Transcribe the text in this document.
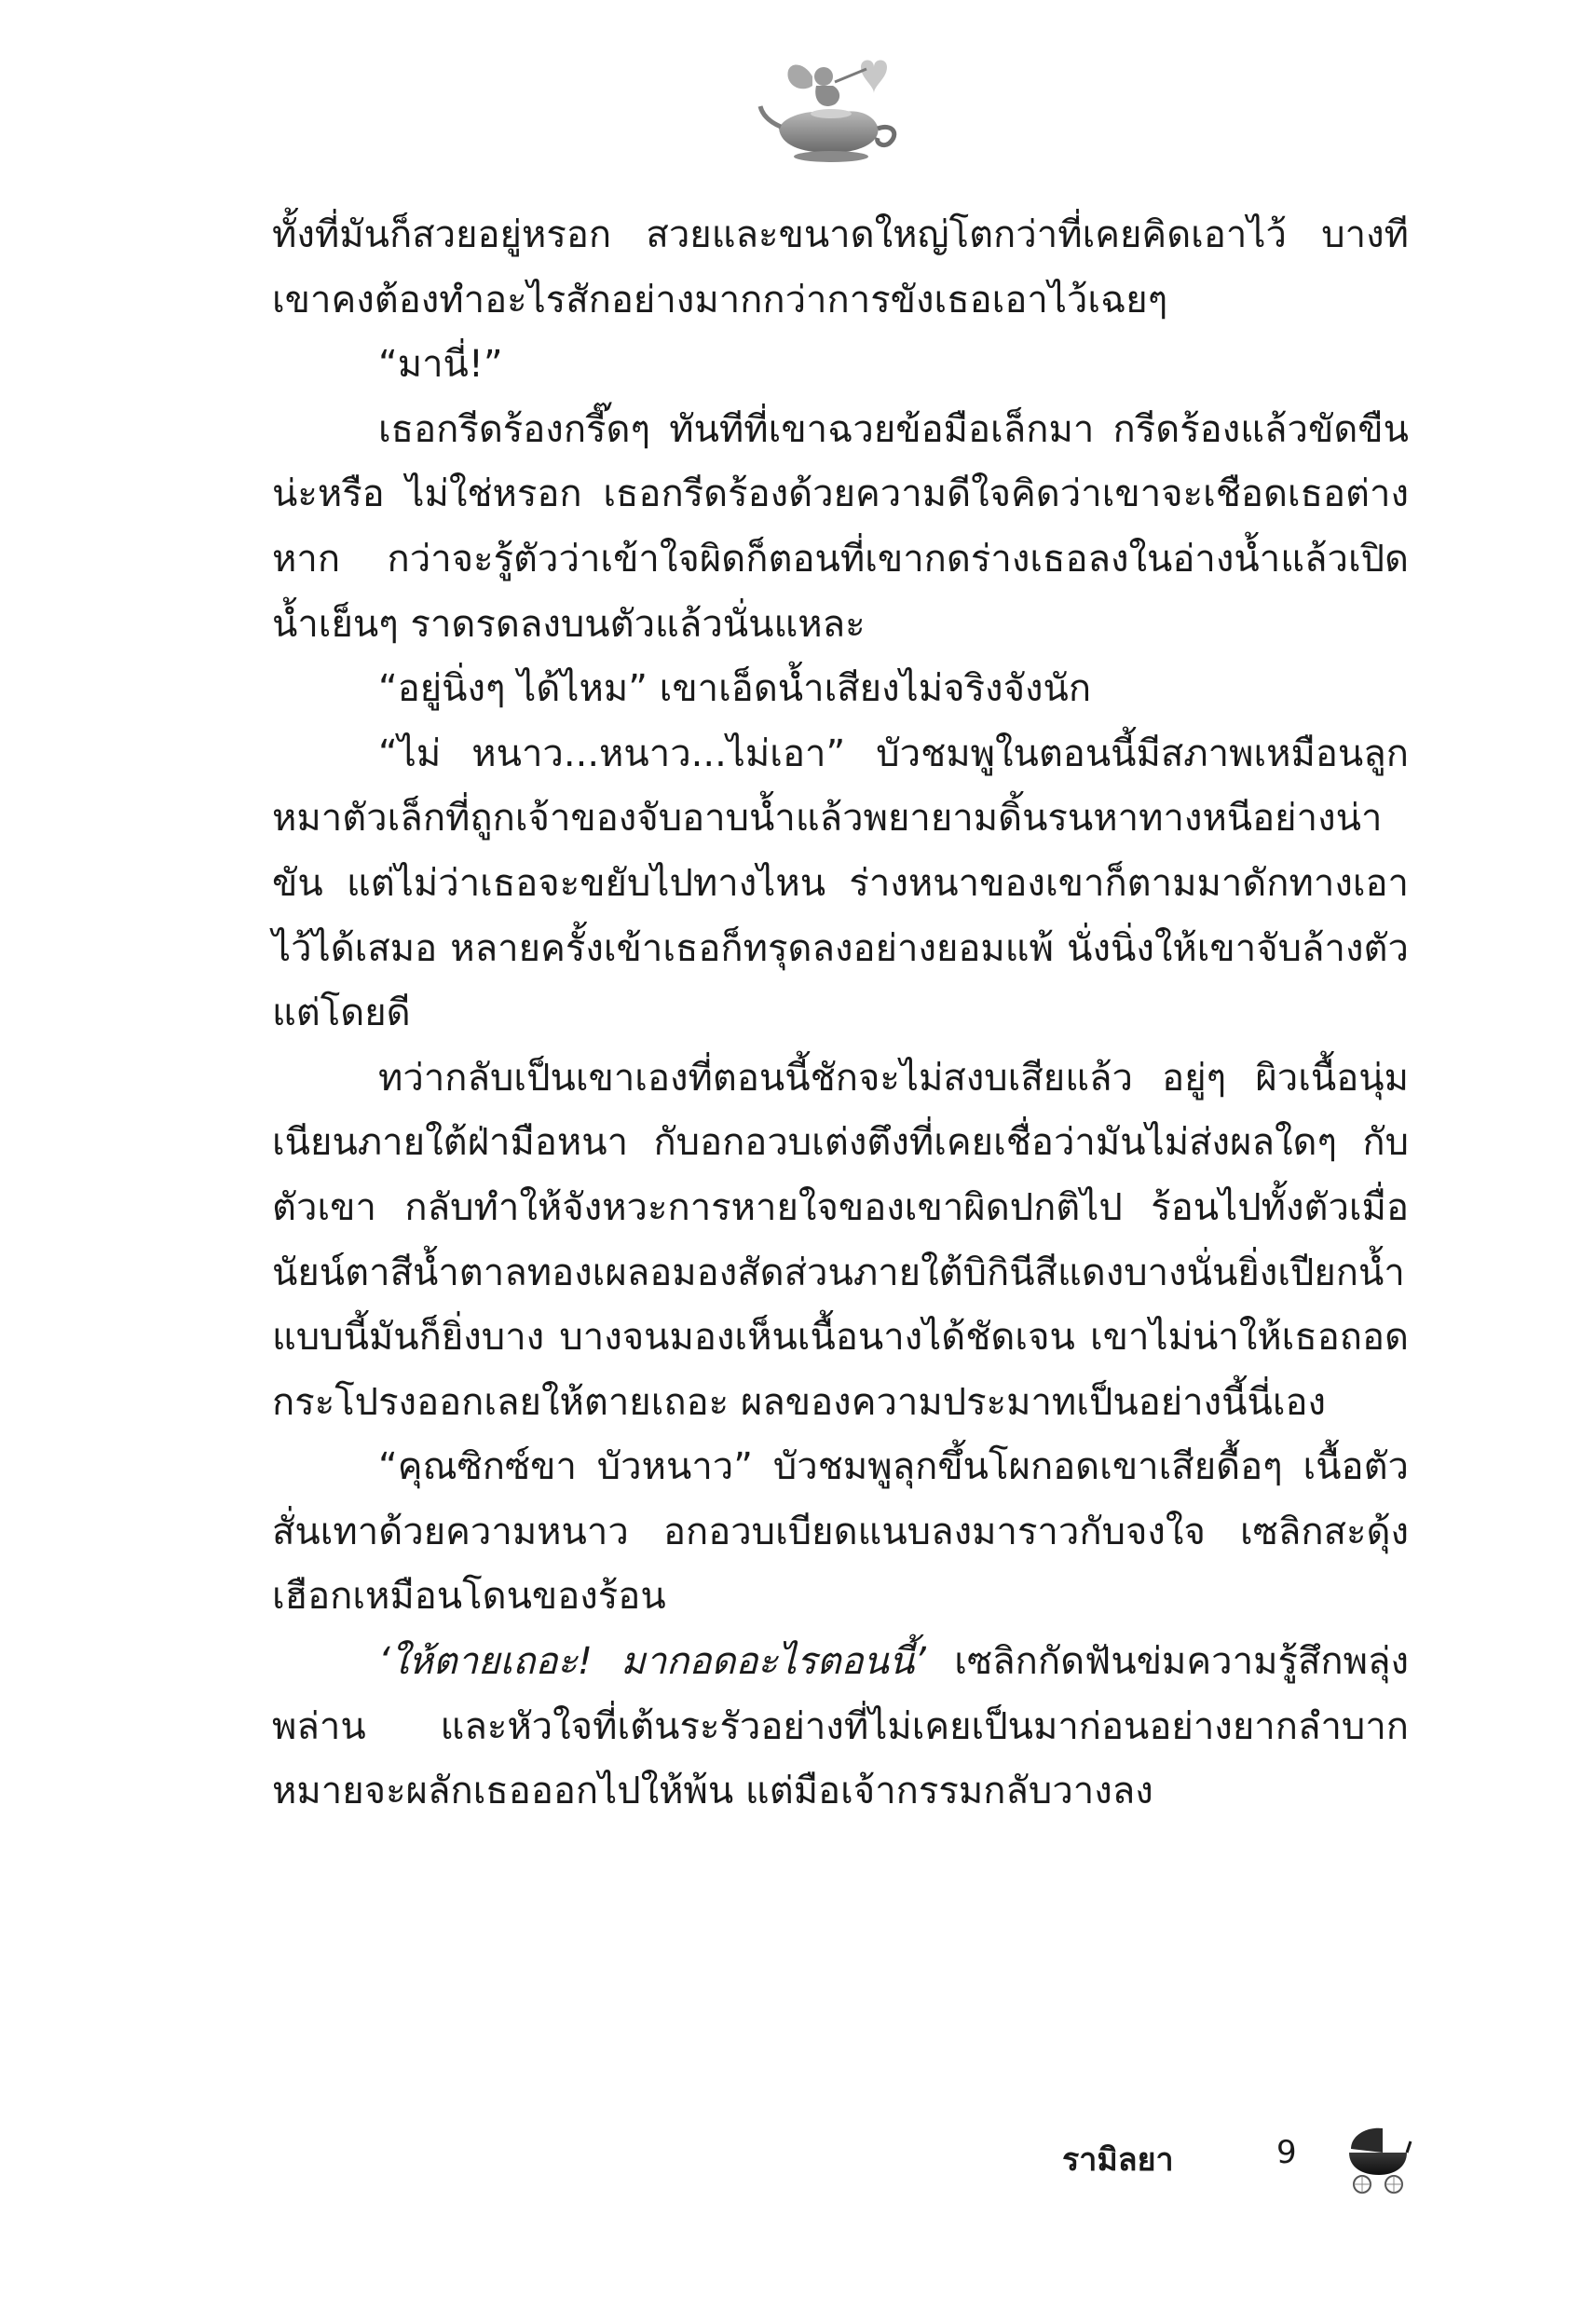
ทั้งที่มันก็สวยอยู่หรอก สวยและขนาดใหญ่โตกว่าที่เคยคิดเอาไว้ บางทีเขาคงต้องทำอะไรสักอย่างมากกว่าการขังเธอเอาไว้เฉยๆ

“มานี่!”

เธอกรีดร้องกรี๊ดๆ ทันทีที่เขาฉวยข้อมือเล็กมา กรีดร้องแล้วขัดขืนน่ะหรือ ไม่ใช่หรอก เธอกรีดร้องด้วยความดีใจคิดว่าเขาจะเชือดเธอต่างหาก กว่าจะรู้ตัวว่าเข้าใจผิดก็ตอนที่เขากดร่างเธอลงในอ่างน้ำแล้วเปิดน้ำเย็นๆ ราดรดลงบนตัวแล้วนั่นแหละ

“อยู่นิ่งๆ ได้ไหม” เขาเอ็ดน้ำเสียงไม่จริงจังนัก

“ไม่ หนาว...หนาว...ไม่เอา” บัวชมพูในตอนนี้มีสภาพเหมือนลูกหมาตัวเล็กที่ถูกเจ้าของจับอาบน้ำแล้วพยายามดิ้นรนหาทางหนีอย่างน่าขัน แต่ไม่ว่าเธอจะขยับไปทางไหน ร่างหนาของเขาก็ตามมาดักทางเอาไว้ได้เสมอ หลายครั้งเข้าเธอก็ทรุดลงอย่างยอมแพ้ นั่งนิ่งให้เขาจับล้างตัวแต่โดยดี

ทว่ากลับเป็นเขาเองที่ตอนนี้ชักจะไม่สงบเสียแล้ว อยู่ๆ ผิวเนื้อนุ่มเนียนภายใต้ฝ่ามือหนา กับอกอวบเต่งตึงที่เคยเชื่อว่ามันไม่ส่งผลใดๆ กับตัวเขา กลับทำให้จังหวะการหายใจของเขาผิดปกติไป ร้อนไปทั้งตัวเมื่อนัยน์ตาสีน้ำตาลทองเผลอมองสัดส่วนภายใต้บิกินีสีแดงบางนั่นยิ่งเปียกน้ำแบบนี้มันก็ยิ่งบาง บางจนมองเห็นเนื้อนางได้ชัดเจน เขาไม่น่าให้เธอถอดกระโปรงออกเลยให้ตายเถอะ ผลของความประมาทเป็นอย่างนี้นี่เอง

“คุณซิกซ์ขา บัวหนาว” บัวชมพูลุกขึ้นโผกอดเขาเสียดื้อๆ เนื้อตัวสั่นเทาด้วยความหนาว อกอวบเบียดแนบลงมาราวกับจงใจ เซลิกสะดุ้งเฮือกเหมือนโดนของร้อน

‘ให้ตายเถอะ! มากอดอะไรตอนนี้’ เซลิกกัดฟันข่มความรู้สึกพลุ่งพล่าน และหัวใจที่เต้นระรัวอย่างที่ไม่เคยเป็นมาก่อนอย่างยากลำบาก หมายจะผลักเธอออกไปให้พ้น แต่มือเจ้ากรรมกลับวางลง

รามิลยา	9
